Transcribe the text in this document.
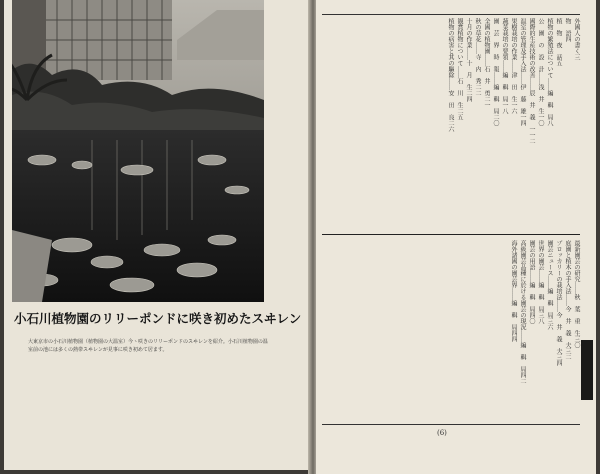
小石川植物園のリリーポンドに咲き初めたスヰレン
大東京市の小石川植物園（植物園の大温室）今ヽ咲きのリリーポンドのスヰレンを紹介。小石川植物園の温室前の池には多くの熱帯スヰレンが見事に咲き初めて居ます。
外國人の書く三
物　語四
植　物　夜　話五
植物の繁殖法について……編　輯　局八
公　園　の　設　計……浅　井　生一〇
國際的生産技術の改善……辰　井　義　一一二
温室の管理及手入法……伊　藤　雄一四
果樹栽培の作業……津　田　生一六
蔬菜栽培の要領……編　輯　局一八
園　芸　界　時　報……編　輯　局二〇
全國の植物園……石　井　勇二一
秋の草花……寺　内　秀二二
十月の作業……十　月　生二四
観賞植物について……石　川　生二五
植物の病害と其の驅除……安　田　良二六
最新園芸の研究……秋　葉　重　生三〇
庭園と植木の手入法……今　井　義　夫三二
プロッカリーの栽培法……今　井　義　夫三四
園芸ニュース……編　輯　局三六
世界の園芸……編　輯　局三八
園芸の用語……編　輯　局四〇
高級園芸品種に於ける園芸の現況……編　輯　局四二
海外諸國の園芸界……編　輯　局四四
(6)
